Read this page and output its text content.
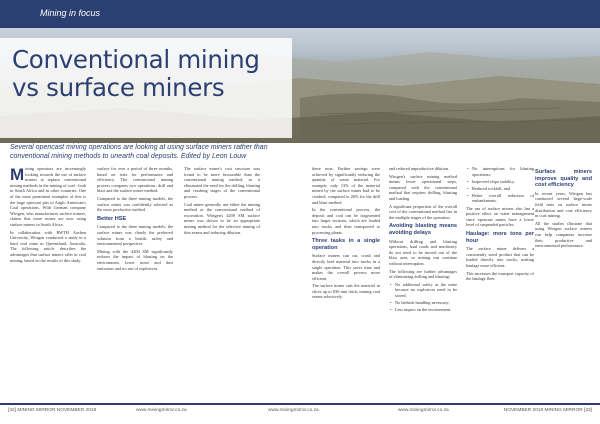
Mining in focus
Conventional mining
vs surface miners

Several opencast mining operations are looking at using surface miners rather than conventional mining methods to unearth coal deposits. Edited by Leon Louw

Mining operators are increasingly looking towards the use of surface miners to replace conventional mining methods in the mining of coal - both in South Africa and in other countries. One of the most prominent examples of this is the large opencast pits of Anglo American's Coal operations. With German company Wirtgen, who manufactures surface miners, claims that more mines are now using surface miners in South Africa.

In collaboration with RWTH Aachen University, Wirtgen conducted a study in a hard coal mine in Queensland, Australia. The following article describes the advantages that surface miners offer in coal mining, based on the results of this study.

surface for over a period of three months, based on tests for performance and efficiency. The conventional mining process compares two operations: drill and blast and the surface miner method.

Compared to the three mining models, the surface miner was confidently selected as the most productive method.

Better HSE

Compared to the three mining models, the surface miner was clearly the preferred solution from a health, safety and environmental perspective.

Mining with the 4200 SM significantly reduces the impact of blasting on the environment, lower noise and dust emissions and no use of explosives.

The surface miner's cost structure was found to be more favourable than the conventional mining method, as it eliminated the need for the drilling, blasting and crushing stages of the conventional process.

Coal mines generally use either the mining method or the conventional method of excavation. Wirtgen's 4200 SM surface miner was shown to be an appropriate mining method for the selective mining of thin seams and reducing dilution.

these tests. Further savings were achieved by significantly reducing the quantity of waste material. For example, only 13% of the material mined by the surface miner had to be crushed, compared to 26% for the drill and blast method.

In the conventional process, the deposit and coal can be fragmented into larger sections, which are loaded into trucks and then transported to processing plants.

Three tasks in a single operation

Surface miners can cut, crush and directly load material into trucks in a single operation. This saves time and makes the overall process more efficient.

The surface miner cuts the material in slices up to 830 mm thick, mining coal seams selectively.

and reduced unproductive dilution.

Wirtgen's surface mining method means fewer operational steps, compared with the conventional method that requires drilling, blasting and loading.

A significant proportion of the overall cost of the conventional method lies in the multiple stages of the operation.

Avoiding blasting means avoiding delays

Without drilling and blasting operations, haul roads and machinery do not need to be moved out of the blast area, so mining can continue without interruption.

The following are further advantages of eliminating drilling and blasting:

• No additional safety at the mine because no explosives need to be stored;
• No bedside handling necessary;
• Less impact on the environment.
• No interruptions for blasting operations;
• Improved slope stability;
• Reduced rockfall; and
• Better overall reduction of embankments.

The use of surface miners also has a positive effect on water management since opencast mines have a lower level of suspended particles.

Haulage: more tons per hour

The surface miner delivers a consistently sized product that can be loaded directly into trucks, making haulage more efficient.

This increases the transport capacity of the haulage fleet.

Surface miners improve quality and cost efficiency

In recent years, Wirtgen has conducted several large-scale field tests on surface miner distribution and cost efficiency in coal mining.

All the studies illustrate that using Wirtgen surface miners can help companies increase their productive and environmental performance.

[32] MINING MIRROR NOVEMBER 2018	www.miningmirror.co.za	www.miningmirror.co.za	www.miningmirror.co.za	NOVEMBER 2018 MINING MIRROR [33]
